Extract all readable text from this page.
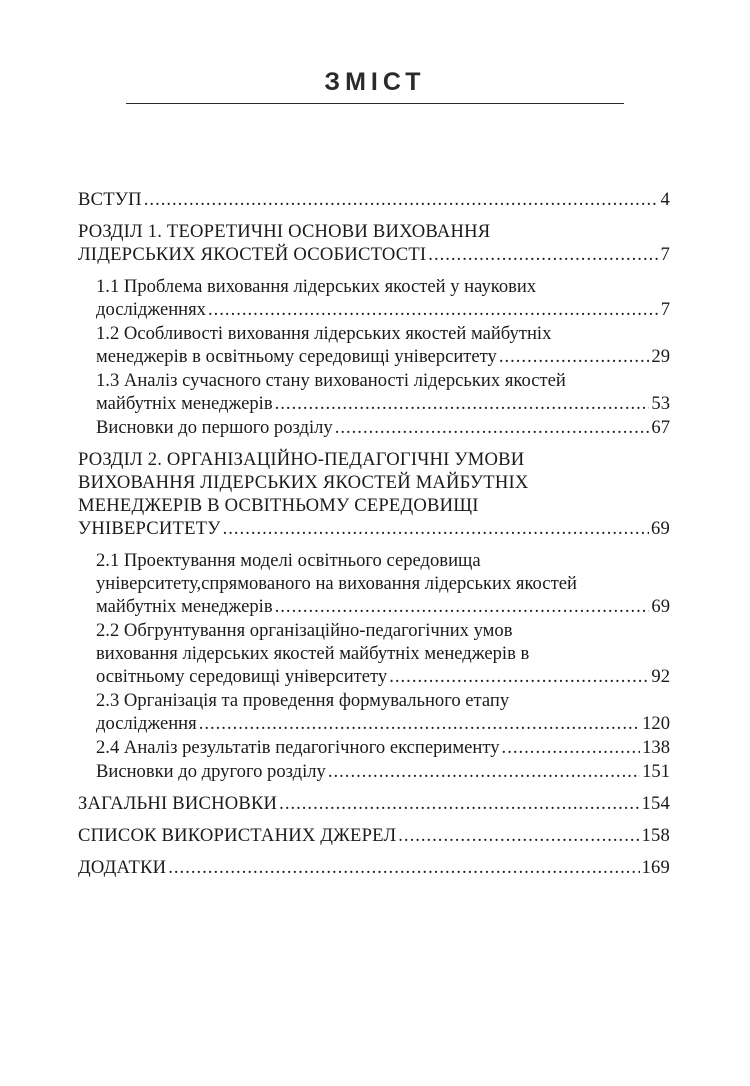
ЗМІСТ
ВСТУП .....	4
РОЗДІЛ 1. ТЕОРЕТИЧНІ ОСНОВИ ВИХОВАННЯ
ЛІДЕРСЬКИХ ЯКОСТЕЙ ОСОБИСТОСТІ .....	7
1.1 Проблема виховання лідерських якостей у наукових
дослідженнях .....	7
1.2 Особливості виховання лідерських якостей майбутніх
менеджерів в освітньому середовищі університету .....	29
1.3 Аналіз сучасного стану вихованості лідерських якостей
майбутніх менеджерів .....	53
Висновки до першого розділу .....	67
РОЗДІЛ 2. ОРГАНІЗАЦІЙНО-ПЕДАГОГІЧНІ УМОВИ
ВИХОВАННЯ ЛІДЕРСЬКИХ ЯКОСТЕЙ МАЙБУТНІХ
МЕНЕДЖЕРІВ В ОСВІТНЬОМУ СЕРЕДОВИЩІ
УНІВЕРСИТЕТУ .....	69
2.1 Проектування моделі освітнього середовища
університету,спрямованого на виховання лідерських якостей
майбутніх менеджерів .....	69
2.2 Обгрунтування організаційно-педагогічних умов
виховання лідерських якостей майбутніх менеджерів в
освітньому середовищі університету .....	92
2.3 Організація та проведення формувального етапу
дослідження .....	120
2.4 Аналіз результатів педагогічного експерименту .....	138
Висновки до другого розділу .....	151
ЗАГАЛЬНІ ВИСНОВКИ .....	154
СПИСОК ВИКОРИСТАНИХ ДЖЕРЕЛ .....	158
ДОДАТКИ .....	169
